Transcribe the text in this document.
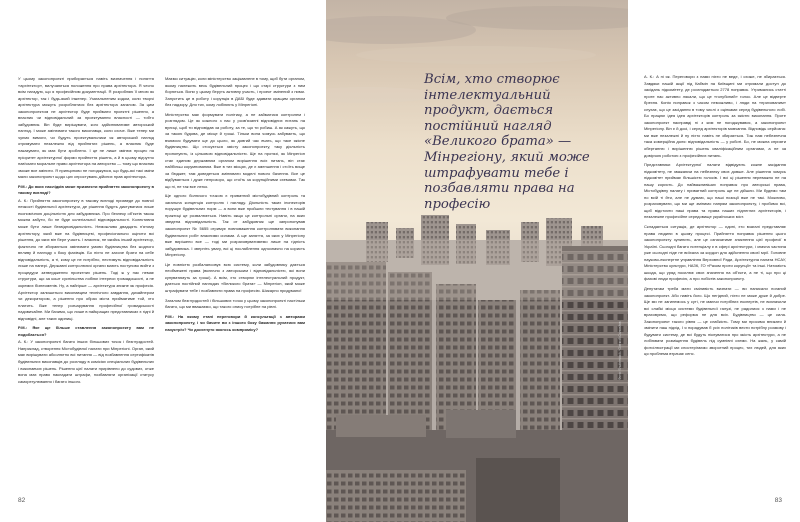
У цьому законопроекті прибирається навіть визначення і поняття «архітектор», вилучаються положення про права архітектора. Я чесно всім нагадую, що я професійним документації. Я розробляю її мною як архітектор, так і будь-який інженер. Узагальненим кодом, коли творчі архітектура можуть розроблятися без архітектора загалом. За цим законопроектом не архітектор буде приймати проектні рішення, а власник чи відповідальний за проектування власності — тобто забудовник. Він буде вирішувати, кого здійснюватиме авторський нагляд. І може змінювати такого виконавця, коли схоче. Вже тепер ми чуємо вимоги, чи будуть проектувальники як авторський нагляд отримувати незалежно від прийнятих рішень, а власник буде наказувати, як має бути зроблено. І це не лише змінює процес на пріоритет архітектурної форми прийняття рішень, а й в цьому відчутно нав'язати моральне право архітектора на авторство — тому що власник зможе все змінити. Я принципово не погоджуюся, що будь-які такі зміни мали законопроект щодо цих спростувань дійсних прав архітектора.

Р.М.: До яких наслідків може призвести прийняття законопроекту в такому вигляді?

А. К.: Прийняття законопроекту в такому вигляді призведе до повної неякості будівельної архітектури, де рішення будуть диктуватися лише економічною доцільністю для забудовника. Про безпеку об'єктів також можна забути, бо не буде колегіальної відповідальності. Колективна може бути лише безвідповідальність. Неможливо двадцять п'ятому архітектору, який вже на будівництві, професіонально оцінити всі рішення, до яких він бере участь. І власник, не якийсь інший архітектор, фактично не збираються змінювати умови будівництва без жодного впливу й нагляду з боку фахівців. Бо ніхто не захоче брати на себе відповідальність, а ті, кому це не потрібно, нестимуть відповідальність лише на папері. Державні контролюючі органи мають поступово вийти з процедури затвердження проектних рішень. Тоді ж у нас немає структури, що за кошт суспільства лобіює інтереси громадськості, а не окремих бізнесменів. Ну, а найгірше — архітектура зникне як професія. Архітектор залишиться виконавцем технічного завдання, дизайнером чи декоратором, а рішення про образ міста прийматиме той, хто платить. Вже тепер розчарування професійної громадськості надзвичайне. Ми бачимо, що лише в найкращих представниках є гідні й відповідні, але таких одиниці.

Р.М.: Яке ще більше ставлення законопроекту вам не подобається?

А. К.: У законопроекті багато інших більшових точок і безглуздостей. Наприклад, створення Містобудівної палати при Мінрегіоні. Орган, який має вирішувати абсолютно всі питання — від позбавлення сертифікатів будівельних виконавців до розгляду в комісіях спеціальних будівельних і виконавчих рішень. Рішення цієї палати прирівнено до судових, отже вона має право накладати штрафи, позбавляти організації статусу саморегулювання і багато іншого.

Маємо ситуацію, коли міністерство зацікавлене в тому, щоб бути органом, якому належить весь будівельний процес і що старі структури з ним борються. Вони у цьому беруть активну участь, і проект змінений з ними. Запустить це в роботу і корупція в ДАБІ буде здавати кращим органом без надзору. Для тих, кому лобіюють у Мінрегіоні.

Міністерство має формувати політику, а не займатися контролем і розглядом. Це як кожного з нас у розв'язанні відповідних питань на вулиці, щоб ти відповідав за роботу, за те, що ти робиш. А як кажуть, що за такою будова, де місце й гроші. Тільки вона чомусь забуваєть, що вчимося будувати ще до цього, як довгий час вчать, що таке якісне будівництво. Що стосується змісту законопроекту, таку діяльність пропонують, із цільовою відповідальністю. Ще на протязі, як Мінрегіон стає єдиним державним органом вирішення всіх питань, він стає найбільш корумпованим. Вже в тих місцях, де є зменшення і стоїть вище за бюджет, там доведеться змінювати моделі нового бачення. Все це відбувається і дуже непрозоро, що стоїть за корупційними схемами. Так що ні, не так все легко.

Ще одного болючого точкою є приватний містобудівний контроль та загальна концепція контролю і нагляду. Діяльність таких інспекторів порушує будівельних норм — а вони вже пройшли тестування і в нашій практиці це розвалюється. Навіть якщо це контрольні органи, на яких зведена відповідальність. Так от забудовник ще запропонував законопроект № 5655 отримує повноваження контролювати виконання будівельних робіт власними силами. А ще заняття, за яких у Мінрегіону вже вирішено все — тоді ми розраховуватимемо лише на гідність забудовника. І зверніть увагу, всі ці послаблення однозначно на користь Мінрегіону.

Це повністю розбалансовує всю систему, коли забудовнику дається необмежені права (включно з авторським і відповідальністю, які вони купуватимуть за гроші). А всім, хто створює інтелектуальний продукт, дається постійний наглядач «Великого брата» — Мінрегіон, який може штрафувати тебе і позбавляти права на професію. Шикарно придумано!

Загалом безглуздостей і більшових точок у цьому законопроекті настільки багато, що ми вважаємо, що такого опису потрібне на рівні.

Р.М.: На якому етапі переговори й консультації з авторами законопроекту, і чи бачите ви з іншого боку бажання рухатися вам назустріч? Чи досягнуто якогось компромісу?

82
Всім, хто створює інтелектуальний продукт, дається постійний нагляд «Великого брата» — Мінрегіону, який може штрафувати тебе і позбавляти права на професію
Фото: Shutterstock / Олексій Соловйов

А. К.: А ні як. Переговори з нами ніхто не веде, і схоже, не збирається. Завдяки нашій акції під Кабмін на Київщині ми отримали доступ до засідань підкомітету, де розглядається 2778 поправок. Утримались статті проте нас активно лякали, що це «голубиний» голос. Але це відверте брехня. Копія поправок з часом неможливо, і люди на «прихованим» слухає, що це засідання в тому числі з оцінками серед будівельного лобі. Бо працює ідея ідея архітекторів контроль за якістю виконання. Проте законопроект насправді ні з ким не погоджувався, а законопроект Мінрегіону. Він є й досі, і серед архітекторів мовчання. Відповідь серйозна: ми вже незалежні й ну ніхто навіть не збирається. Тож нам небезпечна така комерційна доля: відповідальність — у роботі. Бо, не можна сприяти обертанню і вирішенню рішень кваліфікаційним органами, а не за довірчою роботою з професійних питань.

Представники Архітектурної палати відвідують кожне засідання підкомітету, не зважаючи на небезпеку своє довше. Але рішення чомусь підкомітет приймає більшістю голосів. І всі ці рішення переважно не на нашу користь. До найважливіших поправок про авторські права, Містобудівну палату і приватний контроль ще не дійшли. Ми будемо там по всій ті йти, але не думаю, що наші позиції вже не такі. Можливо, розраховувати, що ми ще змінимо напрям законопроекту, і пробимо всі, щоб відстояти наші права та права наших підлеглих архітекторів, і незалежне професійне середовище українських міст.

Складається ситуація, де архітектор — єдині, хто взагалі представляє права людини в цьому процесі. Прийняття поправок рішення цього законопроекту зупинить, але це означатиме зникнення цієї професії в Україні. Сьогодні багато потенціалу є в сфері архітектури, і значна частина уже сьогодні ніде не виїхала за кордон для здійснення своєї мрії. Головне науково-експертне управління Верховної Ради, Архітектурна палата НСАУ, Міністерство культури, НАЗК, ГО «Разом проти корупції» та інші. Натомість шкода, що уряд посилює своє значення на об'єкти, а не ті, що про ці фахові люди професію, а про лобістів законопроекту.

Депутатам треба мати сміливість визнати — ви написали поганий законопроект. Або навіть його. Що негідний, ніхто не може дуже й добре. Ще ми не загинемось у суті, не маючи потрібних експертів, не визначили всі слабкі місця системи будівельної галузі, не радилися з нами і не враховуємо, що реформа не для всіх. Будівництво — це сила. Законопроект такого рівня — це слабкість. Тому ми просимо вникати й змінити наш підхід. І я порадував б усіх політиків вести потрібну розмову і будувати систему, де всі будуть піклуватися про якість архітектури, а не лобіювати розміщення будівель під сумнівні схеми. На жаль, у самій фотоілюстрації ми спостерігаємо зворотний процес, тих людей, для яких ця проблема втрачає сенс.

83
